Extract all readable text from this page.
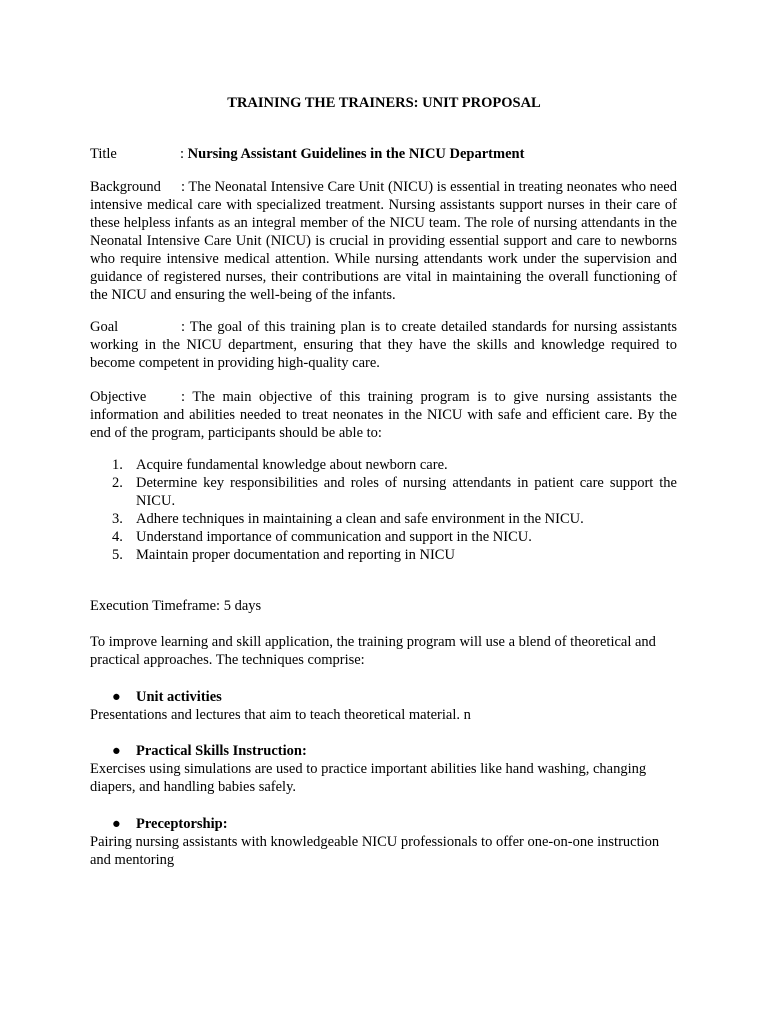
TRAINING THE TRAINERS: UNIT PROPOSAL
Title	: Nursing Assistant Guidelines in the NICU Department
Background : The Neonatal Intensive Care Unit (NICU) is essential in treating neonates who need intensive medical care with specialized treatment. Nursing assistants support nurses in their care of these helpless infants as an integral member of the NICU team. The role of nursing attendants in the Neonatal Intensive Care Unit (NICU) is crucial in providing essential support and care to newborns who require intensive medical attention. While nursing attendants work under the supervision and guidance of registered nurses, their contributions are vital in maintaining the overall functioning of the NICU and ensuring the well-being of the infants.
Goal	: The goal of this training plan is to create detailed standards for nursing assistants working in the NICU department, ensuring that they have the skills and knowledge required to become competent in providing high-quality care.
Objective : The main objective of this training program is to give nursing assistants the information and abilities needed to treat neonates in the NICU with safe and efficient care. By the end of the program, participants should be able to:
1. Acquire fundamental knowledge about newborn care.
2. Determine key responsibilities and roles of nursing attendants in patient care support the NICU.
3. Adhere techniques in maintaining a clean and safe environment in the NICU.
4. Understand importance of communication and support in the NICU.
5. Maintain proper documentation and reporting in NICU
Execution Timeframe: 5 days
To improve learning and skill application, the training program will use a blend of theoretical and practical approaches. The techniques comprise:
● Unit activities
Presentations and lectures that aim to teach theoretical material. n
● Practical Skills Instruction:
Exercises using simulations are used to practice important abilities like hand washing, changing diapers, and handling babies safely.
● Preceptorship:
Pairing nursing assistants with knowledgeable NICU professionals to offer one-on-one instruction and mentoring
